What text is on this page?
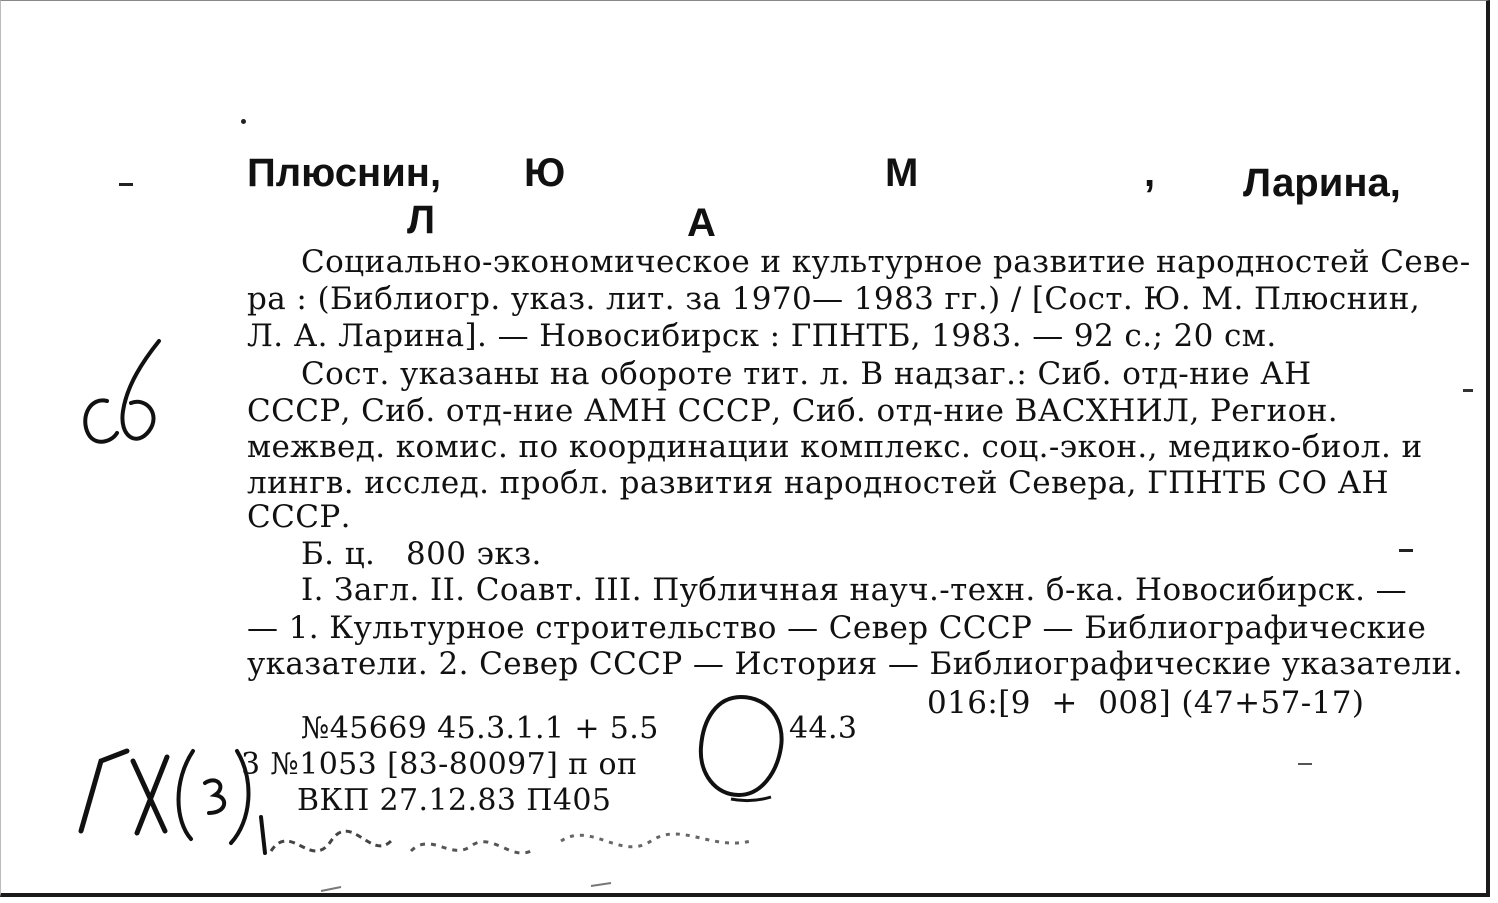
Плюснин, Ю	М	, Ларина,
Л	А
Социально-экономическое и культурное развитие народностей Севе-
ра : (Библиогр. указ. лит. за 1970— 1983 гг.) / [Сост. Ю. М. Плюснин,
Л. А. Ларина]. — Новосибирск : ГПНТБ, 1983. — 92 с.; 20 см.
Сост. указаны на обороте тит. л. В надзаг.: Сиб. отд-ние АН
СССР, Сиб. отд-ние АМН СССР, Сиб. отд-ние ВАСХНИЛ, Регион.
межвед. комис. по координации комплекс. соц.-экон., медико-биол. и
лингв. исслед. пробл. развития народностей Севера, ГПНТБ СО АН
СССР.
Б. ц.   800 экз.
I. Загл. II. Соавт. III. Публичная науч.-техн. б-ка. Новосибирск. —
— 1. Культурное строительство — Север СССР — Библиографические
указатели. 2. Север СССР — История — Библиографические указатели.
016:[9  +  008] (47+57-17)
№45669 45.3.1.1 + 5.5	44.3
3 №1053 [83-80097] п оп
ВКП 27.12.83 П405
